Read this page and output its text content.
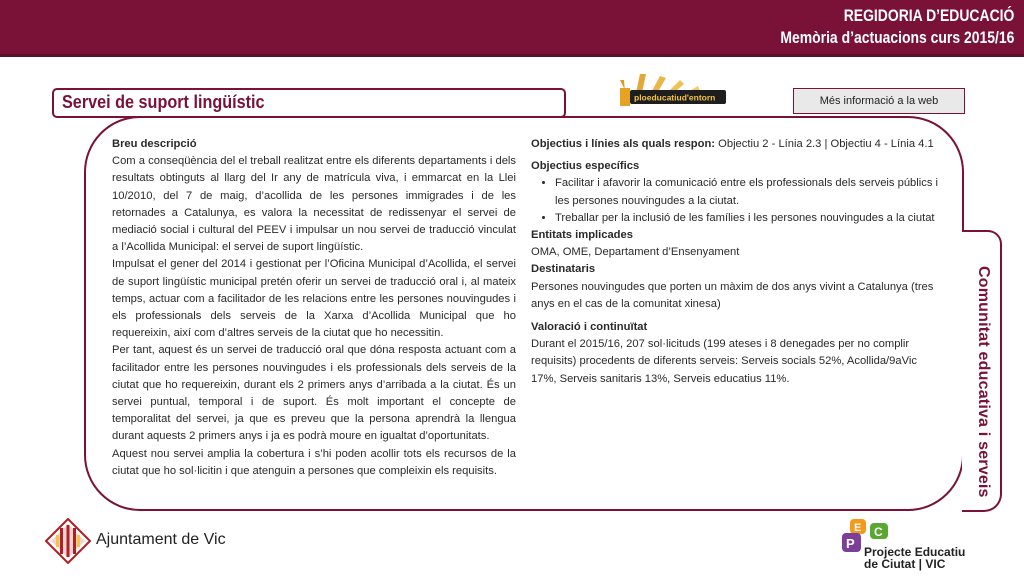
REGIDORIA D’EDUCACIÓ
Memòria d’actuacions curs 2015/16
Comunitat educativa i serveis
Servei de suport lingüístic	ploeducatiud'entorn	Més informació a la web
Breu descripció

Com a conseqüència del el treball realitzat entre els diferents departaments i dels resultats obtinguts al llarg del Ir any de matrícula viva, i emmarcat en la Llei 10/2010, del 7 de maig, d’acollida de les persones immigrades i de les retornades a Catalunya, es valora la necessitat de redissenyar el servei de mediació social i cultural del PEEV i impulsar un nou servei de traducció vinculat a l’Acollida Municipal: el servei de suport lingüístic.

Impulsat el gener del 2014 i gestionat per l’Oficina Municipal d’Acollida, el servei de suport lingüístic municipal pretén oferir un servei de traducció oral i, al mateix temps, actuar com a facilitador de les relacions entre les persones nouvingudes i els professionals dels serveis de la Xarxa d’Acollida Municipal que ho requereixin, així com d’altres serveis de la ciutat que ho necessitin.

Per tant, aquest és un servei de traducció oral que dóna resposta actuant com a facilitador entre les persones nouvingudes i els professionals dels serveis de la ciutat que ho requereixin, durant els 2 primers anys d’arribada a la ciutat. És un servei puntual, temporal i de suport. És molt important el concepte de temporalitat del servei, ja que es preveu que la persona aprendrà la llengua durant aquests 2 primers anys i ja es podrà moure en igualtat d’oportunitats.

Aquest nou servei amplia la cobertura i s’hi poden acollir tots els recursos de la ciutat que ho sol·licitin i que atenguin a persones que compleixin els requisits.

Objectius i línies als quals respon: Objectiu 2 - Línia 2.3 | Objectiu 4 - Línia 4.1
Objectius específics
• Facilitar i afavorir la comunicació entre els professionals dels serveis públics i les persones nouvingudes a la ciutat.
• Treballar per la inclusió de les famílies i les persones nouvingudes a la ciutat
Entitats implicades
OMA, OME, Departament d’Ensenyament
Destinataris
Persones nouvingudes que porten un màxim de dos anys vivint a Catalunya (tres anys en el cas de la comunitat xinesa)
Valoració i continuïtat
Durant el 2015/16, 207 sol·licituds (199 ateses i 8 denegades per no complir requisits) procedents de diferents serveis: Serveis socials 52%, Acollida/9aVic 17%, Serveis sanitaris 13%, Serveis educatius 11%.
Ajuntament de Vic
E C
P
Projecte Educatiu
de Ciutat | VIC
